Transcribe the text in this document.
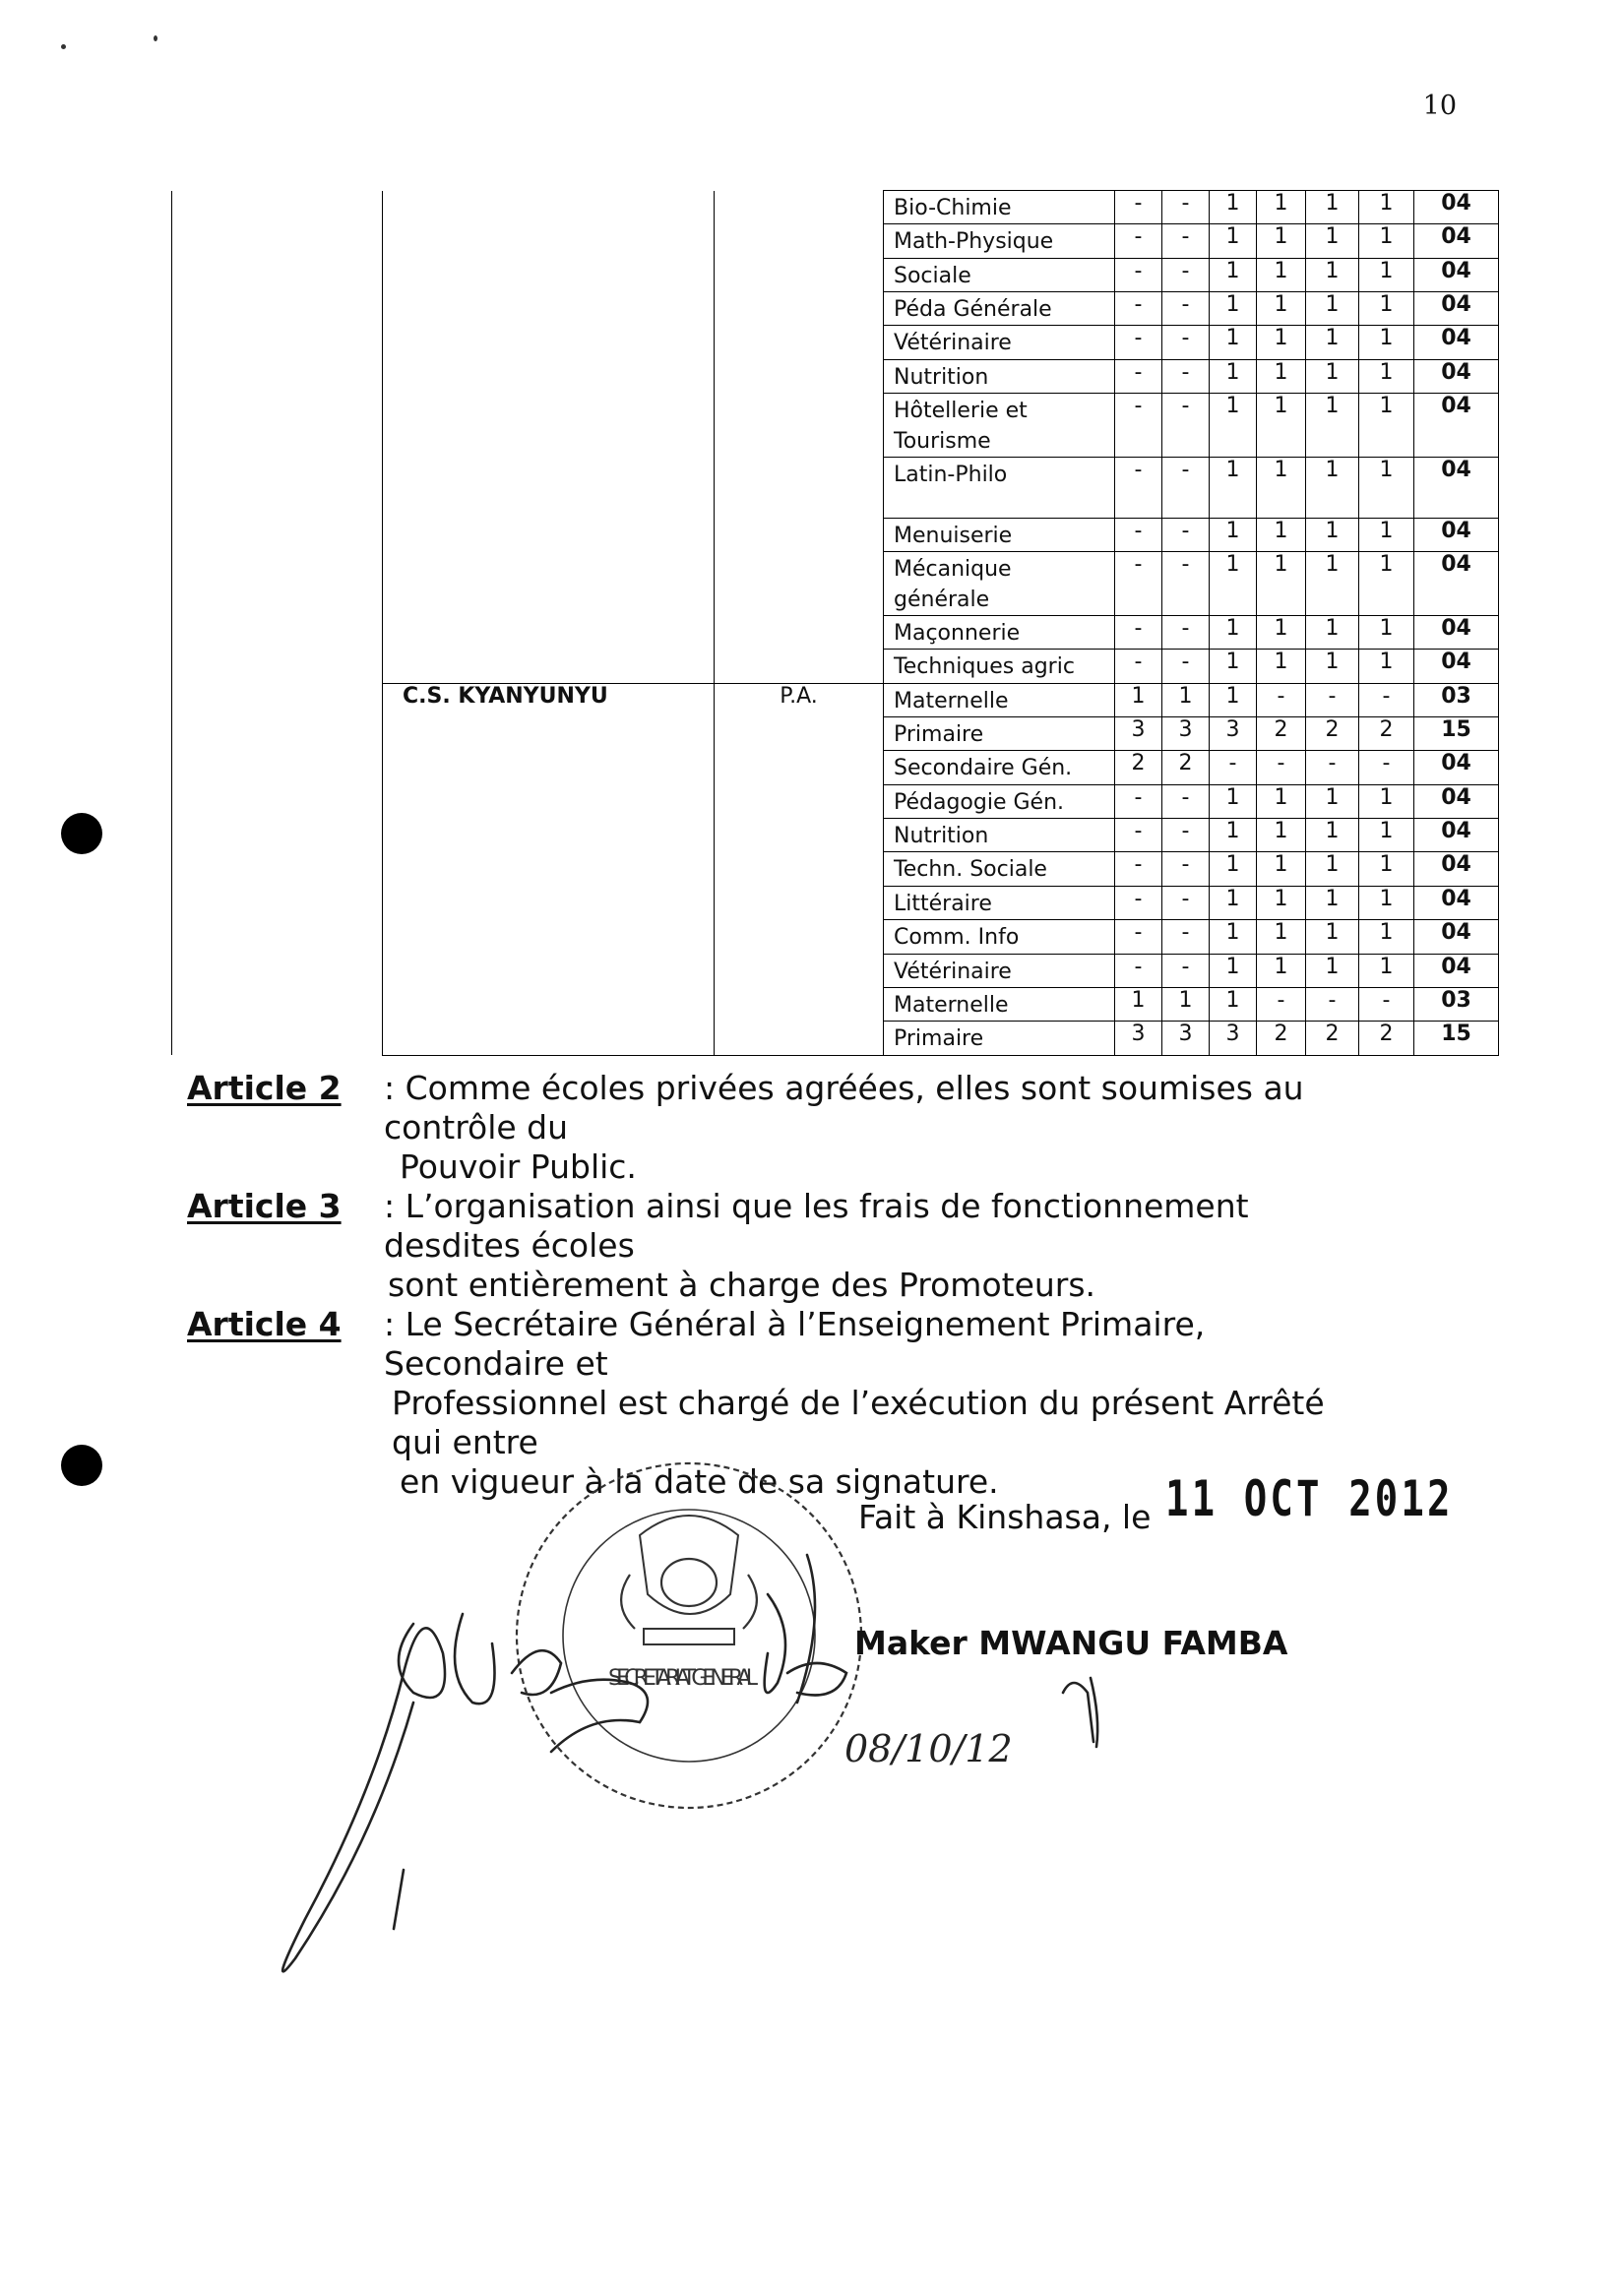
10
			Bio-Chimie	-	-	1	1	1	1	04
			Math-Physique	-	-	1	1	1	1	04
			Sociale	-	-	1	1	1	1	04
			Péda Générale	-	-	1	1	1	1	04
			Vétérinaire	-	-	1	1	1	1	04
			Nutrition	-	-	1	1	1	1	04
			Hôtellerie et Tourisme	-	-	1	1	1	1	04
			Latin-Philo	-	-	1	1	1	1	04
			Menuiserie	-	-	1	1	1	1	04
			Mécanique générale	-	-	1	1	1	1	04
			Maçonnerie	-	-	1	1	1	1	04
			Techniques agric	-	-	1	1	1	1	04
	C.S. KYANYUNYU	P.A.	Maternelle	1	1	1	-	-	-	03
			Primaire	3	3	3	2	2	2	15
			Secondaire Gén.	2	2	-	-	-	-	04
			Pédagogie Gén.	-	-	1	1	1	1	04
			Nutrition	-	-	1	1	1	1	04
			Techn. Sociale	-	-	1	1	1	1	04
			Littéraire	-	-	1	1	1	1	04
			Comm. Info	-	-	1	1	1	1	04
			Vétérinaire	-	-	1	1	1	1	04
			Maternelle	1	1	1	-	-	-	03
			Primaire	3	3	3	2	2	2	15
Article 2 : Comme écoles privées agréées, elles sont soumises au contrôle du
Pouvoir Public.
Article 3 : L’organisation ainsi que les frais de fonctionnement desdites écoles
sont entièrement à charge des Promoteurs.
Article 4 : Le Secrétaire Général à l’Enseignement Primaire, Secondaire et
Professionnel est chargé de l’exécution du présent Arrêté qui entre
en vigueur à la date de sa signature.
SECRETARIAT GENERAL
Fait à Kinshasa, le 11 OCT 2012
Maker MWANGU FAMBA
08/10/12
